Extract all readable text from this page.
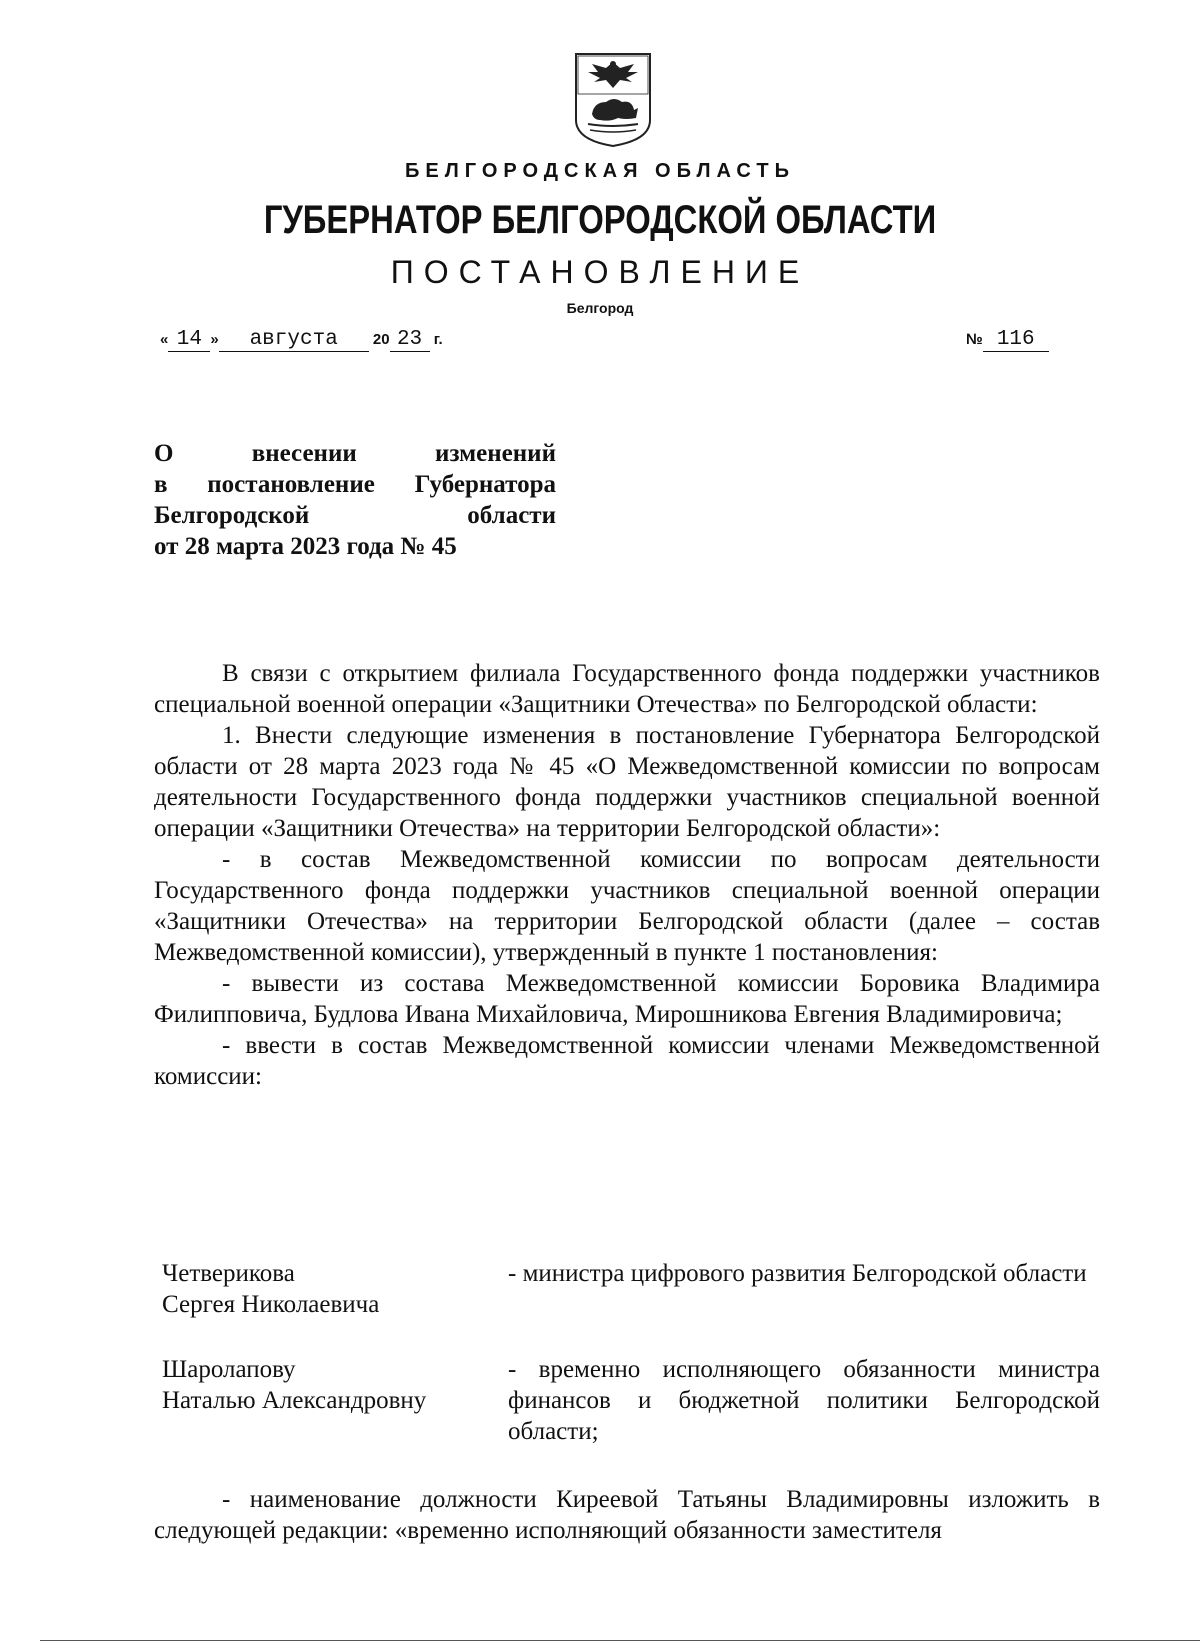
БЕЛГОРОДСКАЯ ОБЛАСТЬ
ГУБЕРНАТОР БЕЛГОРОДСКОЙ ОБЛАСТИ
ПОСТАНОВЛЕНИЕ
Белгород
« 14 » августа 20 23 г.	№ 116
О внесении изменений
в постановление Губернатора
Белгородской области
от 28 марта 2023 года № 45

В связи с открытием филиала Государственного фонда поддержки участников специальной военной операции «Защитники Отечества» по Белгородской области:

1. Внести следующие изменения в постановление Губернатора Белгородской области от 28 марта 2023 года № 45 «О Межведомственной комиссии по вопросам деятельности Государственного фонда поддержки участников специальной военной операции «Защитники Отечества» на территории Белгородской области»:

- в состав Межведомственной комиссии по вопросам деятельности Государственного фонда поддержки участников специальной военной операции «Защитники Отечества» на территории Белгородской области (далее – состав Межведомственной комиссии), утвержденный в пункте 1 постановления:

- вывести из состава Межведомственной комиссии Боровика Владимира Филипповича, Будлова Ивана Михайловича, Мирошникова Евгения Владимировича;

- ввести в состав Межведомственной комиссии членами Межведомственной комиссии:

Четверикова
Сергея Николаевича
- министра цифрового развития Белгородской области
Шаролапову
Наталью Александровну
- временно исполняющего обязанности министра финансов и бюджетной политики Белгородской области;

- наименование должности Киреевой Татьяны Владимировны изложить в следующей редакции: «временно исполняющий обязанности заместителя
